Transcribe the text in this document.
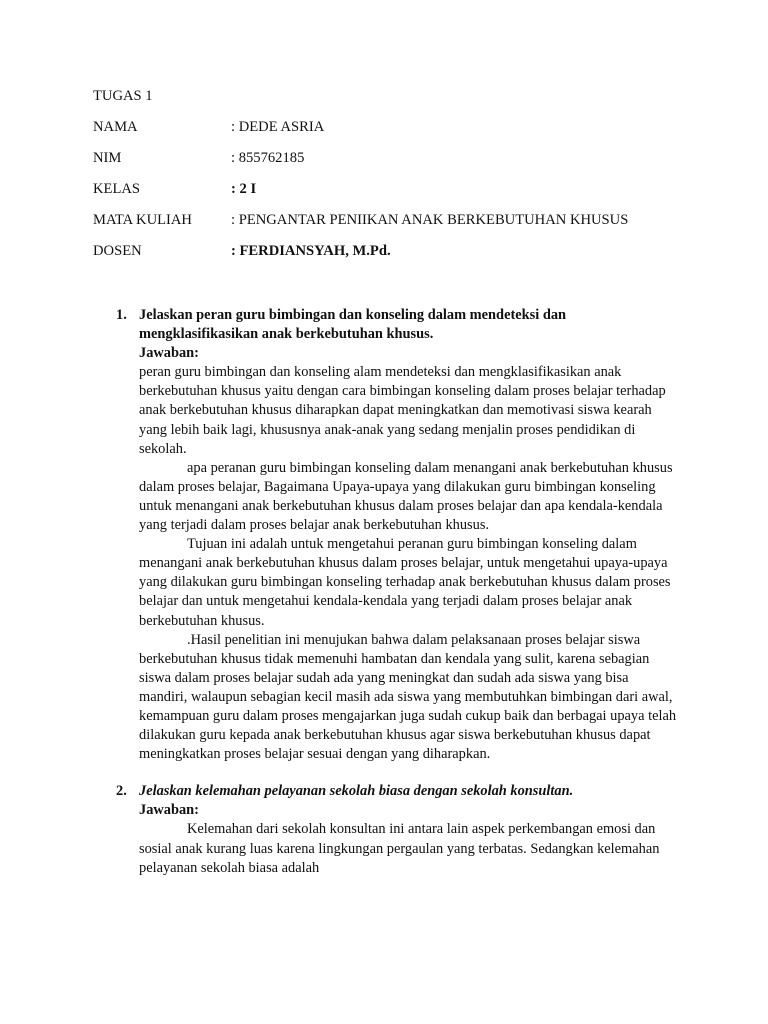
TUGAS 1
NAMA	: DEDE ASRIA
NIM	: 855762185
KELAS	: 2 I
MATA KULIAH	: PENGANTAR PENIIKAN ANAK BERKEBUTUHAN KHUSUS
DOSEN	: FERDIANSYAH, M.Pd.
1. Jelaskan peran guru bimbingan dan konseling dalam mendeteksi dan mengklasifikasikan anak berkebutuhan khusus.
Jawaban:

peran guru bimbingan dan konseling alam mendeteksi dan mengklasifikasikan anak berkebutuhan khusus yaitu dengan cara bimbingan konseling dalam proses belajar terhadap anak berkebutuhan khusus diharapkan dapat meningkatkan dan memotivasi siswa kearah yang lebih baik lagi, khususnya anak-anak yang sedang menjalin proses pendidikan di sekolah.

apa peranan guru bimbingan konseling dalam menangani anak berkebutuhan khusus dalam proses belajar, Bagaimana Upaya-upaya yang dilakukan guru bimbingan konseling untuk menangani anak berkebutuhan khusus dalam proses belajar dan apa kendala-kendala yang terjadi dalam proses belajar anak berkebutuhan khusus.

Tujuan ini adalah untuk mengetahui peranan guru bimbingan konseling dalam menangani anak berkebutuhan khusus dalam proses belajar, untuk mengetahui upaya-upaya yang dilakukan guru bimbingan konseling terhadap anak berkebutuhan khusus dalam proses belajar dan untuk mengetahui kendala-kendala yang terjadi dalam proses belajar anak berkebutuhan khusus.

.Hasil penelitian ini menujukan bahwa dalam pelaksanaan proses belajar siswa berkebutuhan khusus tidak memenuhi hambatan dan kendala yang sulit, karena sebagian siswa dalam proses belajar sudah ada yang meningkat dan sudah ada siswa yang bisa mandiri, walaupun sebagian kecil masih ada siswa yang membutuhkan bimbingan dari awal, kemampuan guru dalam proses mengajarkan juga sudah cukup baik dan berbagai upaya telah dilakukan guru kepada anak berkebutuhan khusus agar siswa berkebutuhan khusus dapat meningkatkan proses belajar sesuai dengan yang diharapkan.

2. Jelaskan kelemahan pelayanan sekolah biasa dengan sekolah konsultan.
Jawaban:

Kelemahan dari sekolah konsultan ini antara lain aspek perkembangan emosi dan sosial anak kurang luas karena lingkungan pergaulan yang terbatas. Sedangkan kelemahan pelayanan sekolah biasa adalah
